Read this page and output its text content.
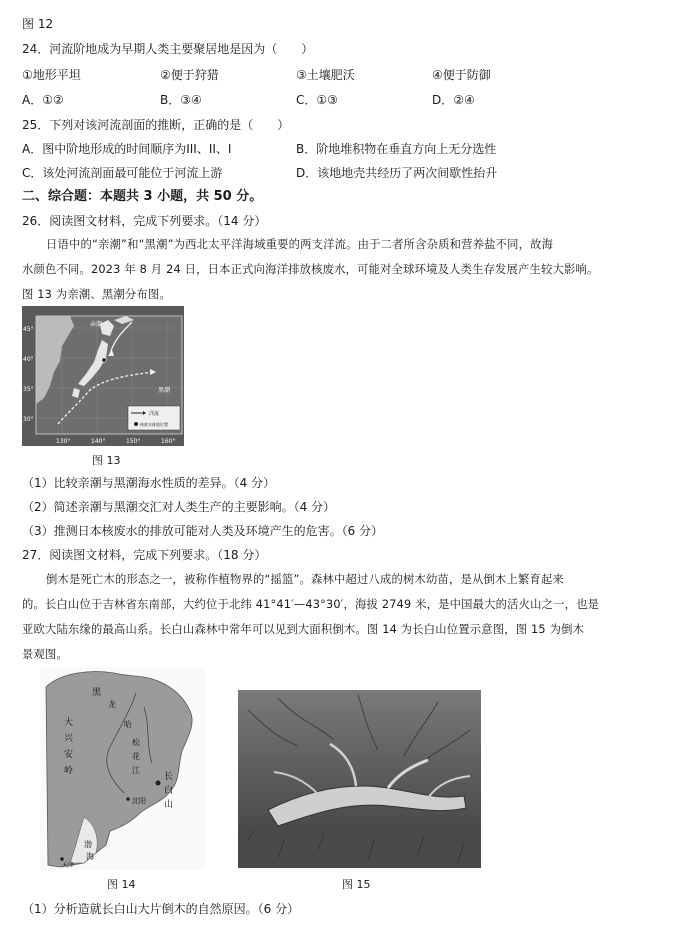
图 12
24．河流阶地成为早期人类主要聚居地是因为（　　）
①地形平坦	②便于狩猎	③土壤肥沃	④便于防御
A．①②	B．③④	C．①③	D．②④
25．下列对该河流剖面的推断，正确的是（　　）
A．图中阶地形成的时间顺序为III、II、I	B．阶地堆积物在垂直方向上无分选性
C．该处河流剖面最可能位于河流上游	D．该地地壳共经历了两次间歇性抬升
二、综合题：本题共 3 小题，共 50 分。
26．阅读图文材料，完成下列要求。（14 分）
日语中的“亲潮”和“黑潮”为西北太平洋海域重要的两支洋流。由于二者所含杂质和营养盐不同，故海
水颜色不同。2023 年 8 月 24 日，日本正式向海洋排放核废水，可能对全球环境及人类生存发展产生较大影响。
图 13 为亲潮、黑潮分布图。
45°
40°
35°
30°
130°	140°	150°	160°
亲潮
黑潮
洋流
核废水排放位置
图 13
（1）比较亲潮与黑潮海水性质的差异。（4 分）
（2）简述亲潮与黑潮交汇对人类生产的主要影响。（4 分）
（3）推测日本核废水的排放可能对人类及环境产生的危害。（6 分）
27．阅读图文材料，完成下列要求。（18 分）
倒木是死亡木的形态之一，被称作植物界的“摇篮”。森林中超过八成的树木幼苗，是从倒木上繁育起来
的。长白山位于吉林省东南部，大约位于北纬 41°41′—43°30′，海拔 2749 米，是中国最大的活火山之一，也是
亚欧大陆东缘的最高山系。长白山森林中常年可以见到大面积倒木。图 14 为长白山位置示意图，图 15 为倒木
景观图。
黑
龙
大
兴
安
岭
哈
松
花
江
长
白
山
沈阳
渤
海
天津
图 14	图 15
（1）分析造就长白山大片倒木的自然原因。（6 分）
